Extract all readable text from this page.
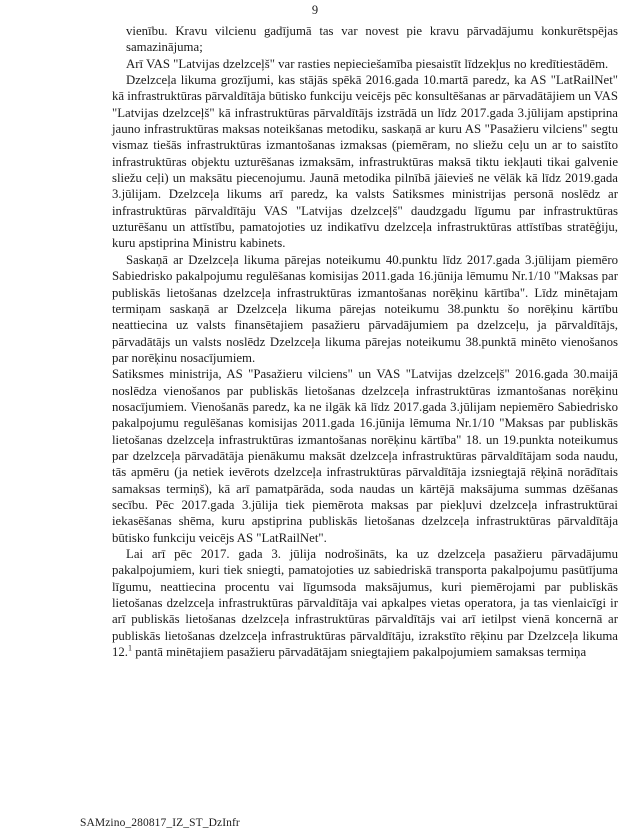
9

vienību. Kravu vilcienu gadījumā tas var novest pie kravu pārvadājumu konkurētspējas samazinājuma;

Arī VAS "Latvijas dzelzceļš" var rasties nepieciešamība piesaistīt līdzekļus no kredītiestādēm.

Dzelzceļa likuma grozījumi, kas stājās spēkā 2016.gada 10.martā paredz, ka AS "LatRailNet" kā infrastruktūras pārvaldītāja būtisko funkciju veicējs pēc konsultēšanas ar pārvadātājiem un VAS "Latvijas dzelzceļš" kā infrastruktūras pārvaldītājs izstrādā un līdz 2017.gada 3.jūlijam apstiprina jauno infrastruktūras maksas noteikšanas metodiku, saskaņā ar kuru AS "Pasažieru vilciens" segtu vismaz tiešās infrastruktūras izmantošanas izmaksas (piemēram, no sliežu ceļu un ar to saistīto infrastruktūras objektu uzturēšanas izmaksām, infrastruktūras maksā tiktu iekļauti tikai galvenie sliežu ceļi) un maksātu piecenojumu. Jaunā metodika pilnībā jāievieš ne vēlāk kā līdz 2019.gada 3.jūlijam. Dzelzceļa likums arī paredz, ka valsts Satiksmes ministrijas personā noslēdz ar infrastruktūras pārvaldītāju VAS "Latvijas dzelzceļš" daudzgadu līgumu par infrastruktūras uzturēšanu un attīstību, pamatojoties uz indikatīvu dzelzceļa infrastruktūras attīstības stratēģiju, kuru apstiprina Ministru kabinets.

Saskaņā ar Dzelzceļa likuma pārejas noteikumu 40.punktu līdz 2017.gada 3.jūlijam piemēro Sabiedrisko pakalpojumu regulēšanas komisijas 2011.gada 16.jūnija lēmumu Nr.1/10 "Maksas par publiskās lietošanas dzelzceļa infrastruktūras izmantošanas norēķinu kārtība". Līdz minētajam termiņam saskaņā ar Dzelzceļa likuma pārejas noteikumu 38.punktu šo norēķinu kārtību neattiecina uz valsts finansētajiem pasažieru pārvadājumiem pa dzelzceļu, ja pārvaldītājs, pārvadātājs un valsts noslēdz Dzelzceļa likuma pārejas noteikumu 38.punktā minēto vienošanos par norēķinu nosacījumiem.

Satiksmes ministrija, AS "Pasažieru vilciens" un VAS "Latvijas dzelzceļš" 2016.gada 30.maijā noslēdza vienošanos par publiskās lietošanas dzelzceļa infrastruktūras izmantošanas norēķinu nosacījumiem. Vienošanās paredz, ka ne ilgāk kā līdz 2017.gada 3.jūlijam nepiemēro Sabiedrisko pakalpojumu regulēšanas komisijas 2011.gada 16.jūnija lēmuma Nr.1/10 "Maksas par publiskās lietošanas dzelzceļa infrastruktūras izmantošanas norēķinu kārtība" 18. un 19.punkta noteikumus par dzelzceļa pārvadātāja pienākumu maksāt dzelzceļa infrastruktūras pārvaldītājam soda naudu, tās apmēru (ja netiek ievērots dzelzceļa infrastruktūras pārvaldītāja izsniegtajā rēķinā norādītais samaksas termiņš), kā arī pamatpārāda, soda naudas un kārtējā maksājuma summas dzēšanas secību. Pēc 2017.gada 3.jūlija tiek piemērota maksas par piekļuvi dzelzceļa infrastruktūrai iekasēšanas shēma, kuru apstiprina publiskās lietošanas dzelzceļa infrastruktūras pārvaldītāja būtisko funkciju veicējs AS "LatRailNet".

Lai arī pēc 2017. gada 3. jūlija nodrošināts, ka uz dzelzceļa pasažieru pārvadājumu pakalpojumiem, kuri tiek sniegti, pamatojoties uz sabiedriskā transporta pakalpojumu pasūtījuma līgumu, neattiecina procentu vai līgumsoda maksājumus, kuri piemērojami par publiskās lietošanas dzelzceļa infrastruktūras pārvaldītāja vai apkalpes vietas operatora, ja tas vienlaicīgi ir arī publiskās lietošanas dzelzceļa infrastruktūras pārvaldītājs vai arī ietilpst vienā koncernā ar publiskās lietošanas dzelzceļa infrastruktūras pārvaldītāju, izrakstīto rēķinu par Dzelzceļa likuma 12.$^1$ pantā minētajiem pasažieru pārvadātājam sniegtajiem pakalpojumiem samaksas termiņa

SAMzino_280817_IZ_ST_DzInfr
